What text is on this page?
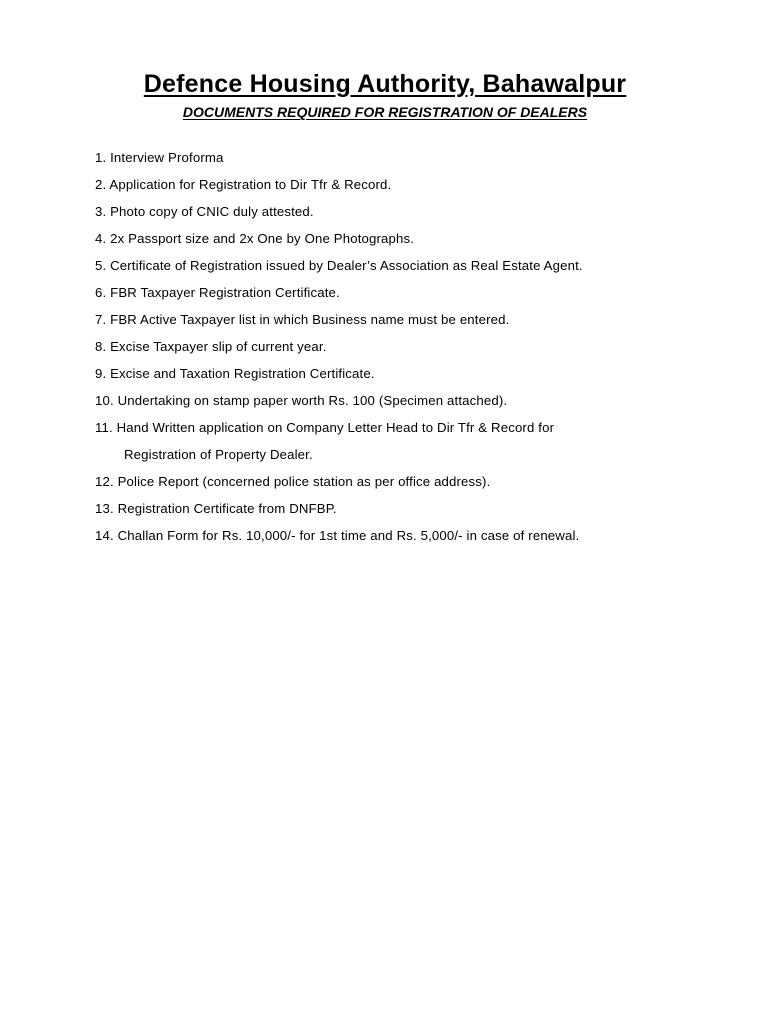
Defence Housing Authority, Bahawalpur
DOCUMENTS REQUIRED FOR REGISTRATION OF DEALERS
1. Interview Proforma
2. Application for Registration to Dir Tfr & Record.
3. Photo copy of CNIC duly attested.
4. 2x Passport size and 2x One by One Photographs.
5. Certificate of Registration issued by Dealer’s Association as Real Estate Agent.
6. FBR Taxpayer Registration Certificate.
7. FBR Active Taxpayer list in which Business name must be entered.
8. Excise Taxpayer slip of current year.
9. Excise and Taxation Registration Certificate.
10. Undertaking on stamp paper worth Rs. 100 (Specimen attached).
11. Hand Written application on Company Letter Head to Dir Tfr & Record for
Registration of Property Dealer.
12. Police Report (concerned police station as per office address).
13. Registration Certificate from DNFBP.
14. Challan Form for Rs. 10,000/- for 1st time and Rs. 5,000/- in case of renewal.
